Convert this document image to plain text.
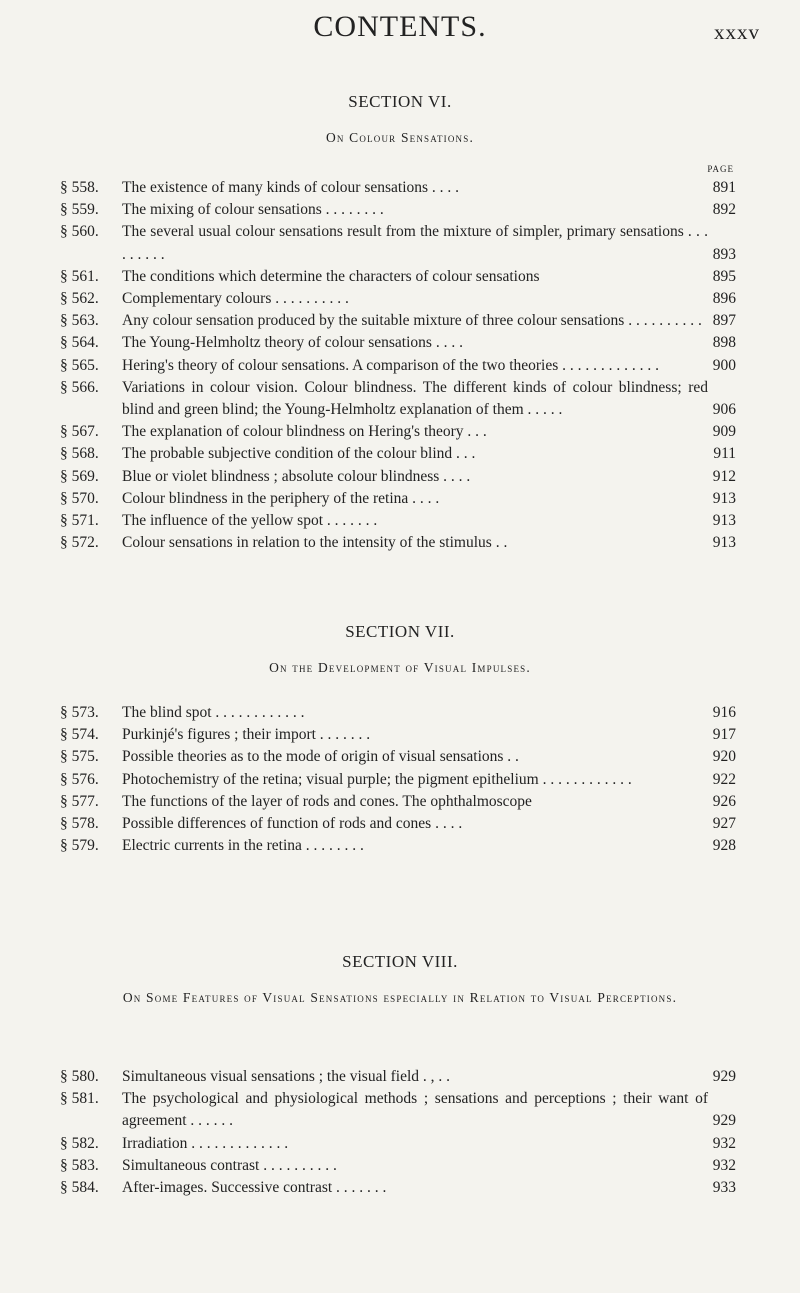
CONTENTS.	xxxv
SECTION VI.
On Colour Sensations.
PAGE
§ 558. The existence of many kinds of colour sensations . . . .	891
§ 559. The mixing of colour sensations . . . . . . . .	892
§ 560. The several usual colour sensations result from the mixture of simpler, primary sensations . . . . . . . . .	893
§ 561. The conditions which determine the characters of colour sensations	895
§ 562. Complementary colours . . . . . . . . . .	896
§ 563. Any colour sensation produced by the suitable mixture of three colour sensations . . . . . . . . . . 897
§ 564. The Young-Helmholtz theory of colour sensations . . . .	898
§ 565. Hering's theory of colour sensations. A comparison of the two theories . . . . . . . . . . . . .	900
§ 566. Variations in colour vision. Colour blindness. The different kinds of colour blindness; red blind and green blind; the Young-Helmholtz explanation of them . . . . .	906
§ 567. The explanation of colour blindness on Hering's theory . . .	909
§ 568. The probable subjective condition of the colour blind . . .	911
§ 569. Blue or violet blindness ; absolute colour blindness . . . .	912
§ 570. Colour blindness in the periphery of the retina . . . .	913
§ 571. The influence of the yellow spot . . . . . . .	913
§ 572. Colour sensations in relation to the intensity of the stimulus . .	913
SECTION VII.
On the Development of Visual Impulses.
§ 573. The blind spot . . . . . . . . . . . .	916
§ 574. Purkinjé's figures ; their import . . . . . . .	917
§ 575. Possible theories as to the mode of origin of visual sensations . .	920
§ 576. Photochemistry of the retina; visual purple; the pigment epithelium . . . . . . . . . . . .	922
§ 577. The functions of the layer of rods and cones. The ophthalmoscope	926
§ 578. Possible differences of function of rods and cones . . . .	927
§ 579. Electric currents in the retina . . . . . . . .	928
SECTION VIII.
On Some Features of Visual Sensations especially in Relation to Visual Perceptions.
§ 580. Simultaneous visual sensations ; the visual field . , . .	929
§ 581. The psychological and physiological methods ; sensations and perceptions ; their want of agreement . . . . . .	929
§ 582. Irradiation . . . . . . . . . . . . .	932
§ 583. Simultaneous contrast . . . . . . . . . .	932
§ 584. After-images. Successive contrast . . . . . . .	933
